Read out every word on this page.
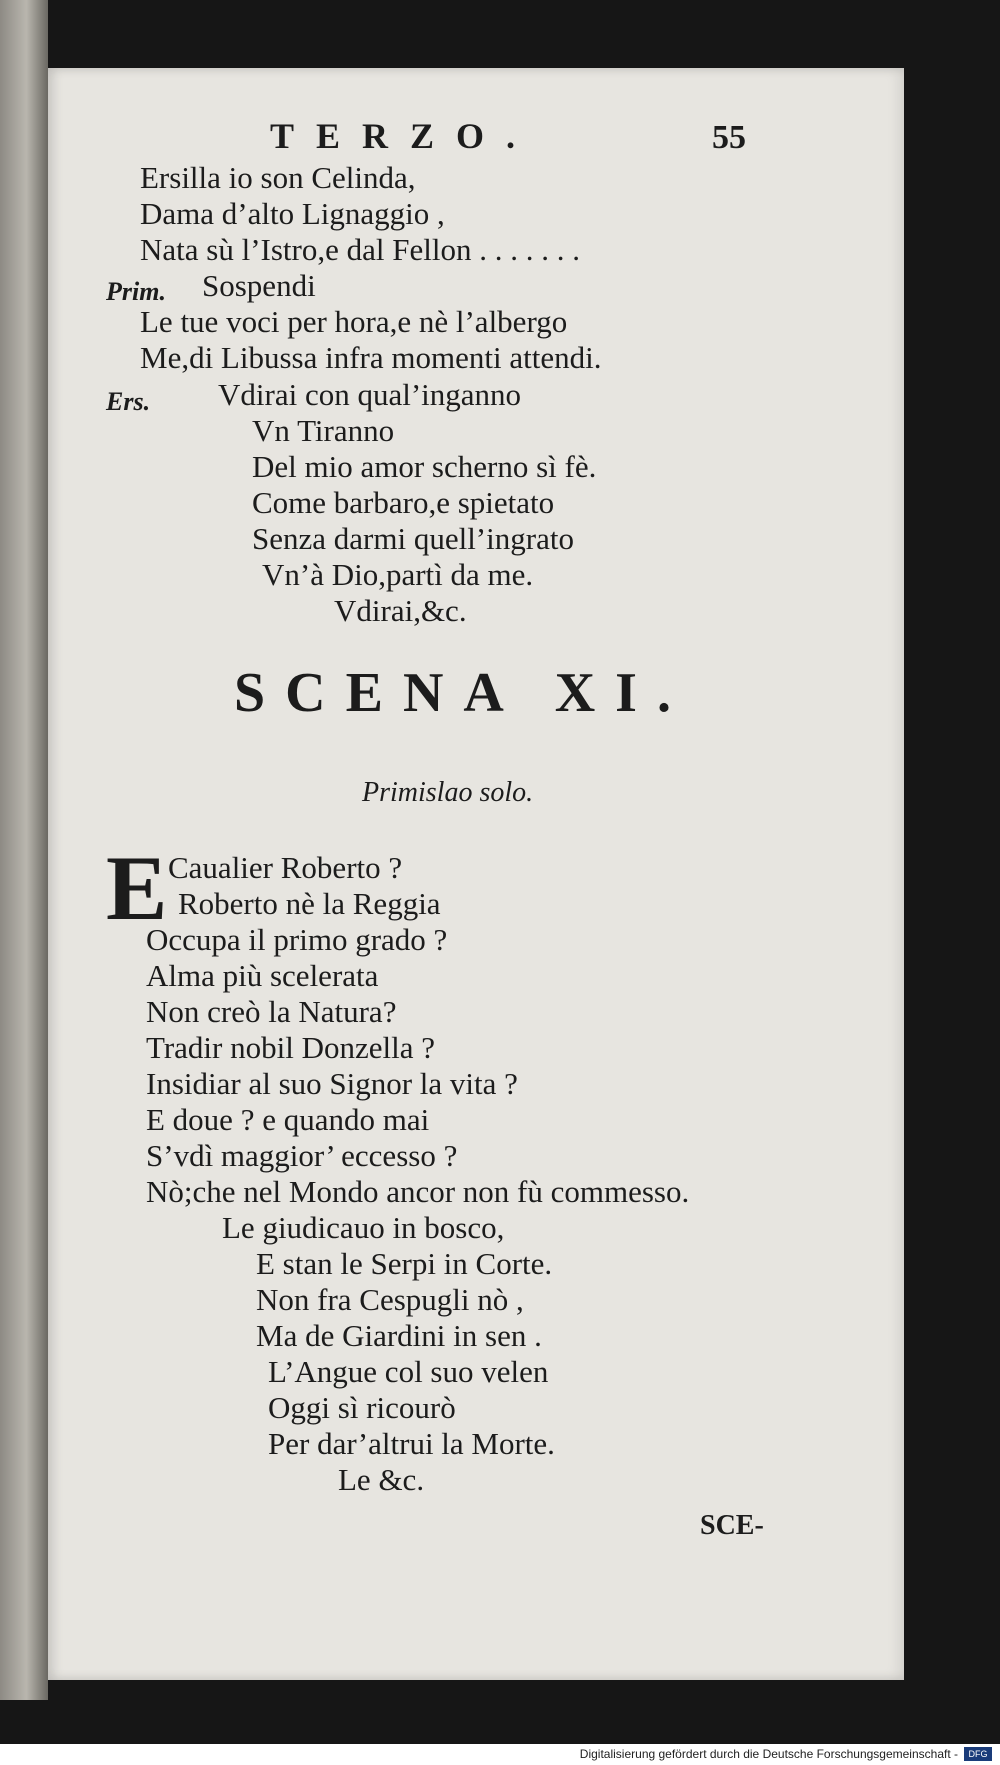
TERZO.	55
Ersilla io son Celinda,
Dama d’alto Lignaggio ,
Nata sù l’Istro,e dal Fellon . . . . . . .
Prim. Sospendi
Le tue voci per hora,e nè l’albergo
Me,di Libussa infra momenti attendi.
Ers. Vdirai con qual’inganno
Vn Tiranno
Del mio amor scherno sì fè.
Come barbaro,e spietato
Senza darmi quell’ingrato
Vn’à Dio,partì da me.
Vdirai,&c.
SCENA XI.
Primislao solo.
E Caualier Roberto ?
Roberto nè la Reggia
Occupa il primo grado ?
Alma più scelerata
Non creò la Natura?
Tradir nobil Donzella ?
Insidiar al suo Signor la vita ?
E doue ? e quando mai
S’vdì maggior’ eccesso ?
Nò;che nel Mondo ancor non fù commesso.
Le giudicauo in bosco,
E stan le Serpi in Corte.
Non fra Cespugli nò ,
Ma de Giardini in sen .
L’Angue col suo velen
Oggi sì ricourò
Per dar’altrui la Morte.
Le &c.
SCE-
Digitalisierung gefördert durch die Deutsche Forschungsgemeinschaft -	DFG
